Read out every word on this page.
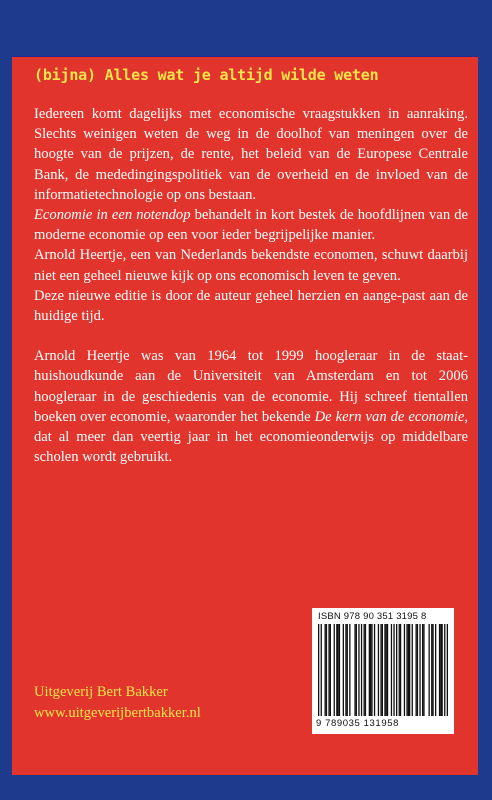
(bijna) Alles wat je altijd wilde weten

Iedereen komt dagelijks met economische vraagstukken in aanraking. Slechts weinigen weten de weg in de doolhof van meningen over de hoogte van de prijzen, de rente, het beleid van de Europese Centrale Bank, de mededingingspolitiek van de overheid en de invloed van de informatietechnologie op ons bestaan.

Economie in een notendop behandelt in kort bestek de hoofdlijnen van de moderne economie op een voor ieder begrijpelijke manier.

Arnold Heertje, een van Nederlands bekendste economen, schuwt daarbij niet een geheel nieuwe kijk op ons economisch leven te geven.

Deze nieuwe editie is door de auteur geheel herzien en aange-past aan de huidige tijd.

Arnold Heertje was van 1964 tot 1999 hoogleraar in de staat-huishoudkunde aan de Universiteit van Amsterdam en tot 2006 hoogleraar in de geschiedenis van de economie. Hij schreef tientallen boeken over economie, waaronder het bekende De kern van de economie, dat al meer dan veertig jaar in het economieonderwijs op middelbare scholen wordt gebruikt.

ISBN 978 90 351 3195 8
9 789035 131958
Uitgeverij Bert Bakker
www.uitgeverijbertbakker.nl
